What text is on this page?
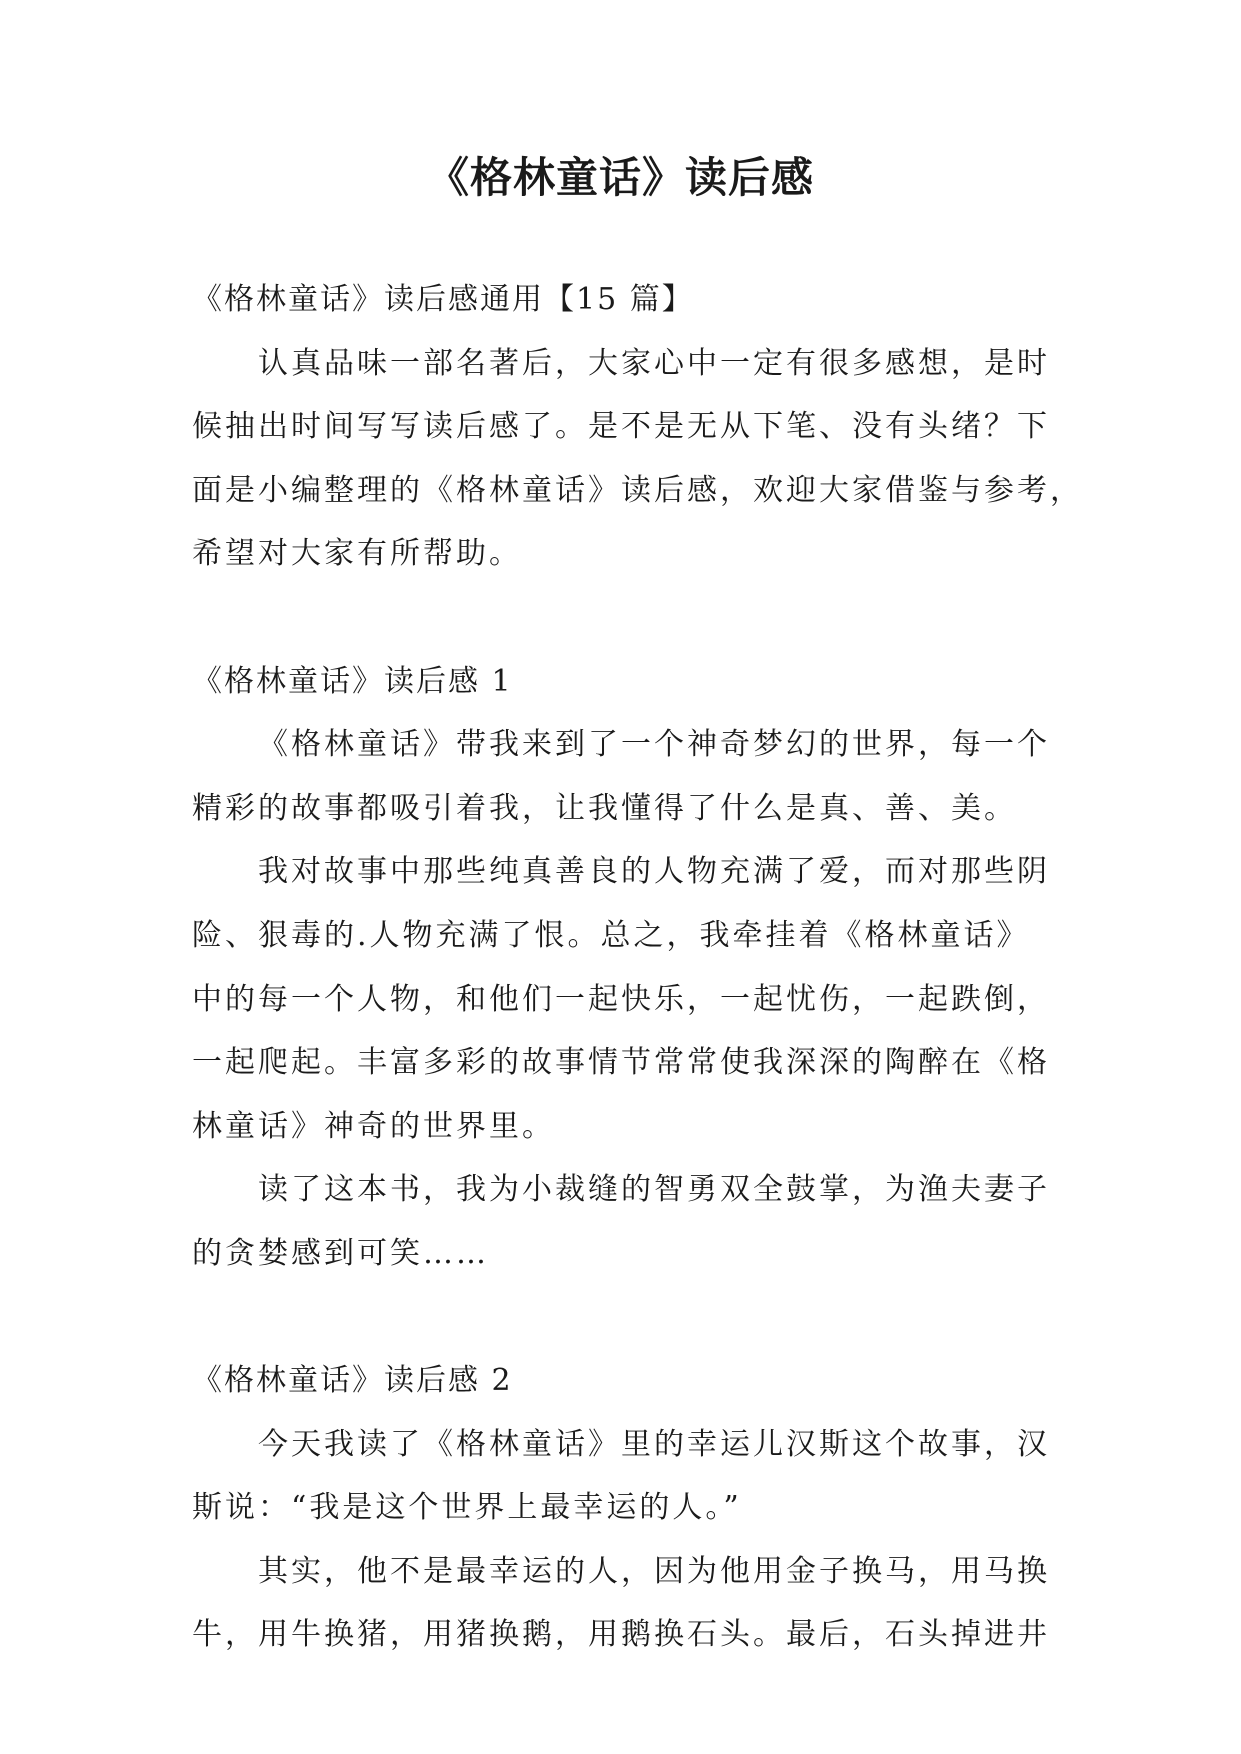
《格林童话》读后感
《格林童话》读后感通用【15 篇】
认真品味一部名著后，大家心中一定有很多感想，是时
候抽出时间写写读后感了。是不是无从下笔、没有头绪？下
面是小编整理的《格林童话》读后感，欢迎大家借鉴与参考，
希望对大家有所帮助。
《格林童话》读后感 1
《格林童话》带我来到了一个神奇梦幻的世界，每一个
精彩的故事都吸引着我，让我懂得了什么是真、善、美。
我对故事中那些纯真善良的人物充满了爱，而对那些阴
险、狠毒的.人物充满了恨。总之，我牵挂着《格林童话》
中的每一个人物，和他们一起快乐，一起忧伤，一起跌倒，
一起爬起。丰富多彩的故事情节常常使我深深的陶醉在《格
林童话》神奇的世界里。
读了这本书，我为小裁缝的智勇双全鼓掌，为渔夫妻子
的贪婪感到可笑……
《格林童话》读后感 2
今天我读了《格林童话》里的幸运儿汉斯这个故事，汉
斯说：“我是这个世界上最幸运的人。”
其实，他不是最幸运的人，因为他用金子换马，用马换
牛，用牛换猪，用猪换鹅，用鹅换石头。最后，石头掉进井
